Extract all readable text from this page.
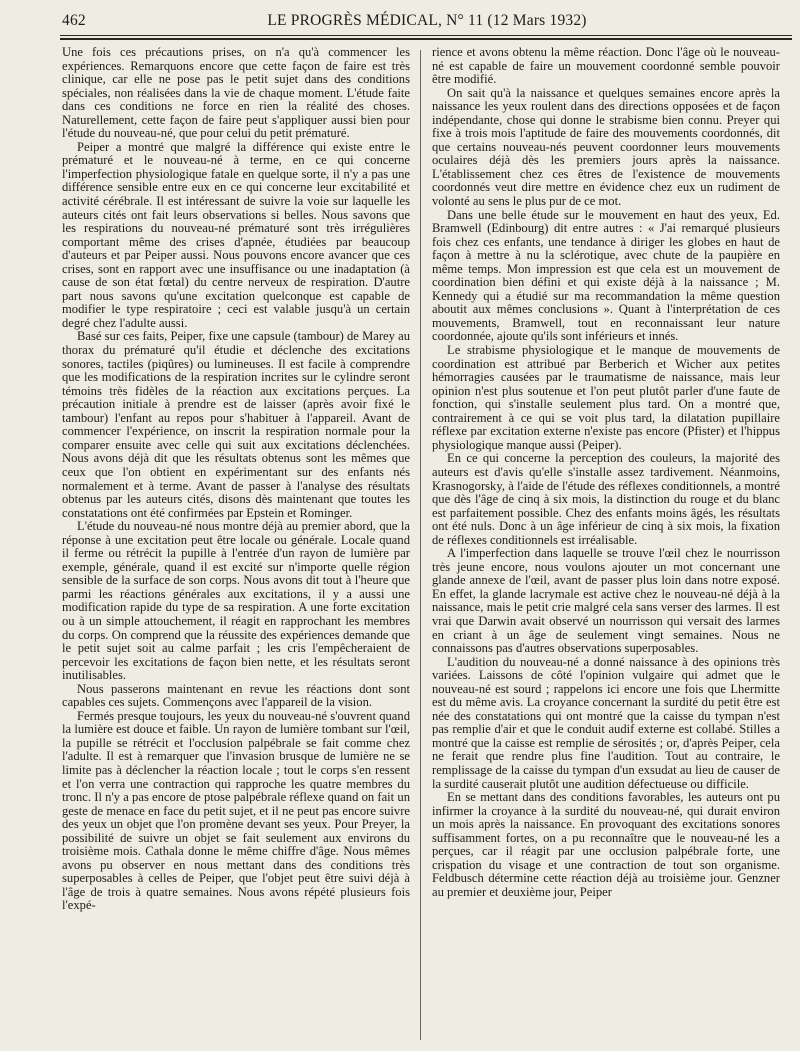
462	LE PROGRÈS MÉDICAL, N° 11 (12 Mars 1932)

Une fois ces précautions prises, on n'a qu'à commencer les expériences. Remarquons encore que cette façon de faire est très clinique, car elle ne pose pas le petit sujet dans des conditions spéciales, non réalisées dans la vie de chaque moment. L'étude faite dans ces conditions ne force en rien la réalité des choses. Naturellement, cette façon de faire peut s'appliquer aussi bien pour l'étude du nouveau-né, que pour celui du petit prématuré.

Peiper a montré que malgré la différence qui existe entre le prématuré et le nouveau-né à terme, en ce qui concerne l'imperfection physiologique fatale en quelque sorte, il n'y a pas une différence sensible entre eux en ce qui concerne leur excitabilité et activité cérébrale. Il est intéressant de suivre la voie sur laquelle les auteurs cités ont fait leurs observations si belles. Nous savons que les respirations du nouveau-né prématuré sont très irrégulières comportant même des crises d'apnée, étudiées par beaucoup d'auteurs et par Peiper aussi. Nous pouvons encore avancer que ces crises, sont en rapport avec une insuffisance ou une inadaptation (à cause de son état fœtal) du centre nerveux de respiration. D'autre part nous savons qu'une excitation quelconque est capable de modifier le type respiratoire ; ceci est valable jusqu'à un certain degré chez l'adulte aussi.

Basé sur ces faits, Peiper, fixe une capsule (tambour) de Marey au thorax du prématuré qu'il étudie et déclenche des excitations sonores, tactiles (piqûres) ou lumineuses. Il est facile à comprendre que les modifications de la respiration incrites sur le cylindre seront témoins très fidèles de la réaction aux excitations perçues. La précaution initiale à prendre est de laisser (après avoir fixé le tambour) l'enfant au repos pour s'habituer à l'appareil. Avant de commencer l'expérience, on inscrit la respiration normale pour la comparer ensuite avec celle qui suit aux excitations déclenchées. Nous avons déjà dit que les résultats obtenus sont les mêmes que ceux que l'on obtient en expérimentant sur des enfants nés normalement et à terme. Avant de passer à l'analyse des résultats obtenus par les auteurs cités, disons dès maintenant que toutes les constatations ont été confirmées par Epstein et Rominger.

L'étude du nouveau-né nous montre déjà au premier abord, que la réponse à une excitation peut être locale ou générale. Locale quand il ferme ou rétrécit la pupille à l'entrée d'un rayon de lumière par exemple, générale, quand il est excité sur n'importe quelle région sensible de la surface de son corps. Nous avons dit tout à l'heure que parmi les réactions générales aux excitations, il y a aussi une modification rapide du type de sa respiration. A une forte excitation ou à un simple attouchement, il réagit en rapprochant les membres du corps. On comprend que la réussite des expériences demande que le petit sujet soit au calme parfait ; les cris l'empêcheraient de percevoir les excitations de façon bien nette, et les résultats seront inutilisables.

Nous passerons maintenant en revue les réactions dont sont capables ces sujets. Commençons avec l'appareil de la vision.

Fermés presque toujours, les yeux du nouveau-né s'ouvrent quand la lumière est douce et faible. Un rayon de lumière tombant sur l'œil, la pupille se rétrécit et l'occlusion palpébrale se fait comme chez l'adulte. Il est à remarquer que l'invasion brusque de lumière ne se limite pas à déclencher la réaction locale ; tout le corps s'en ressent et l'on verra une contraction qui rapproche les quatre membres du tronc. Il n'y a pas encore de ptose palpébrale réflexe quand on fait un geste de menace en face du petit sujet, et il ne peut pas encore suivre des yeux un objet que l'on promène devant ses yeux. Pour Preyer, la possibilité de suivre un objet se fait seulement aux environs du troisième mois. Cathala donne le même chiffre d'âge. Nous mêmes avons pu observer en nous mettant dans des conditions très superposables à celles de Peiper, que l'objet peut être suivi déjà à l'âge de trois à quatre semaines. Nous avons répété plusieurs fois l'expé-

rience et avons obtenu la même réaction. Donc l'âge où le nouveau-né est capable de faire un mouvement coordonné semble pouvoir être modifié.

On sait qu'à la naissance et quelques semaines encore après la naissance les yeux roulent dans des directions opposées et de façon indépendante, chose qui donne le strabisme bien connu. Preyer qui fixe à trois mois l'aptitude de faire des mouvements coordonnés, dit que certains nouveau-nés peuvent coordonner leurs mouvements oculaires déjà dès les premiers jours après la naissance. L'établissement chez ces êtres de l'existence de mouvements coordonnés veut dire mettre en évidence chez eux un rudiment de volonté au sens le plus pur de ce mot.

Dans une belle étude sur le mouvement en haut des yeux, Ed. Bramwell (Edinbourg) dit entre autres : « J'ai remarqué plusieurs fois chez ces enfants, une tendance à diriger les globes en haut de façon à mettre à nu la sclérotique, avec chute de la paupière en même temps. Mon impression est que cela est un mouvement de coordination bien défini et qui existe déjà à la naissance ; M. Kennedy qui a étudié sur ma recommandation la même question aboutit aux mêmes conclusions ». Quant à l'interprétation de ces mouvements, Bramwell, tout en reconnaissant leur nature coordonnée, ajoute qu'ils sont inférieurs et innés.

Le strabisme physiologique et le manque de mouvements de coordination est attribué par Berberich et Wicher aux petites hémorragies causées par le traumatisme de naissance, mais leur opinion n'est plus soutenue et l'on peut plutôt parler d'une faute de fonction, qui s'installe seulement plus tard. On a montré que, contrairement à ce qui se voit plus tard, la dilatation pupillaire réflexe par excitation externe n'existe pas encore (Pfister) et l'hippus physiologique manque aussi (Peiper).

En ce qui concerne la perception des couleurs, la majorité des auteurs est d'avis qu'elle s'installe assez tardivement. Néanmoins, Krasnogorsky, à l'aide de l'étude des réflexes conditionnels, a montré que dès l'âge de cinq à six mois, la distinction du rouge et du blanc est parfaitement possible. Chez des enfants moins âgés, les résultats ont été nuls. Donc à un âge inférieur de cinq à six mois, la fixation de réflexes conditionnels est irréalisable.

A l'imperfection dans laquelle se trouve l'œil chez le nourrisson très jeune encore, nous voulons ajouter un mot concernant une glande annexe de l'œil, avant de passer plus loin dans notre exposé. En effet, la glande lacrymale est active chez le nouveau-né déjà à la naissance, mais le petit crie malgré cela sans verser des larmes. Il est vrai que Darwin avait observé un nourrisson qui versait des larmes en criant à un âge de seulement vingt semaines. Nous ne connaissons pas d'autres observations superposables.

L'audition du nouveau-né a donné naissance à des opinions très variées. Laissons de côté l'opinion vulgaire qui admet que le nouveau-né est sourd ; rappelons ici encore une fois que Lhermitte est du même avis. La croyance concernant la surdité du petit être est née des constatations qui ont montré que la caisse du tympan n'est pas remplie d'air et que le conduit audif externe est collabé. Stilles a montré que la caisse est remplie de sérosités ; or, d'après Peiper, cela ne ferait que rendre plus fine l'audition. Tout au contraire, le remplissage de la caisse du tympan d'un exsudat au lieu de causer de la surdité causerait plutôt une audition défectueuse ou difficile.

En se mettant dans des conditions favorables, les auteurs ont pu infirmer la croyance à la surdité du nouveau-né, qui durait environ un mois après la naissance. En provoquant des excitations sonores suffisamment fortes, on a pu reconnaître que le nouveau-né les a perçues, car il réagit par une occlusion palpébrale forte, une crispation du visage et une contraction de tout son organisme. Feldbusch détermine cette réaction déjà au troisième jour. Genzner au premier et deuxième jour, Peiper
